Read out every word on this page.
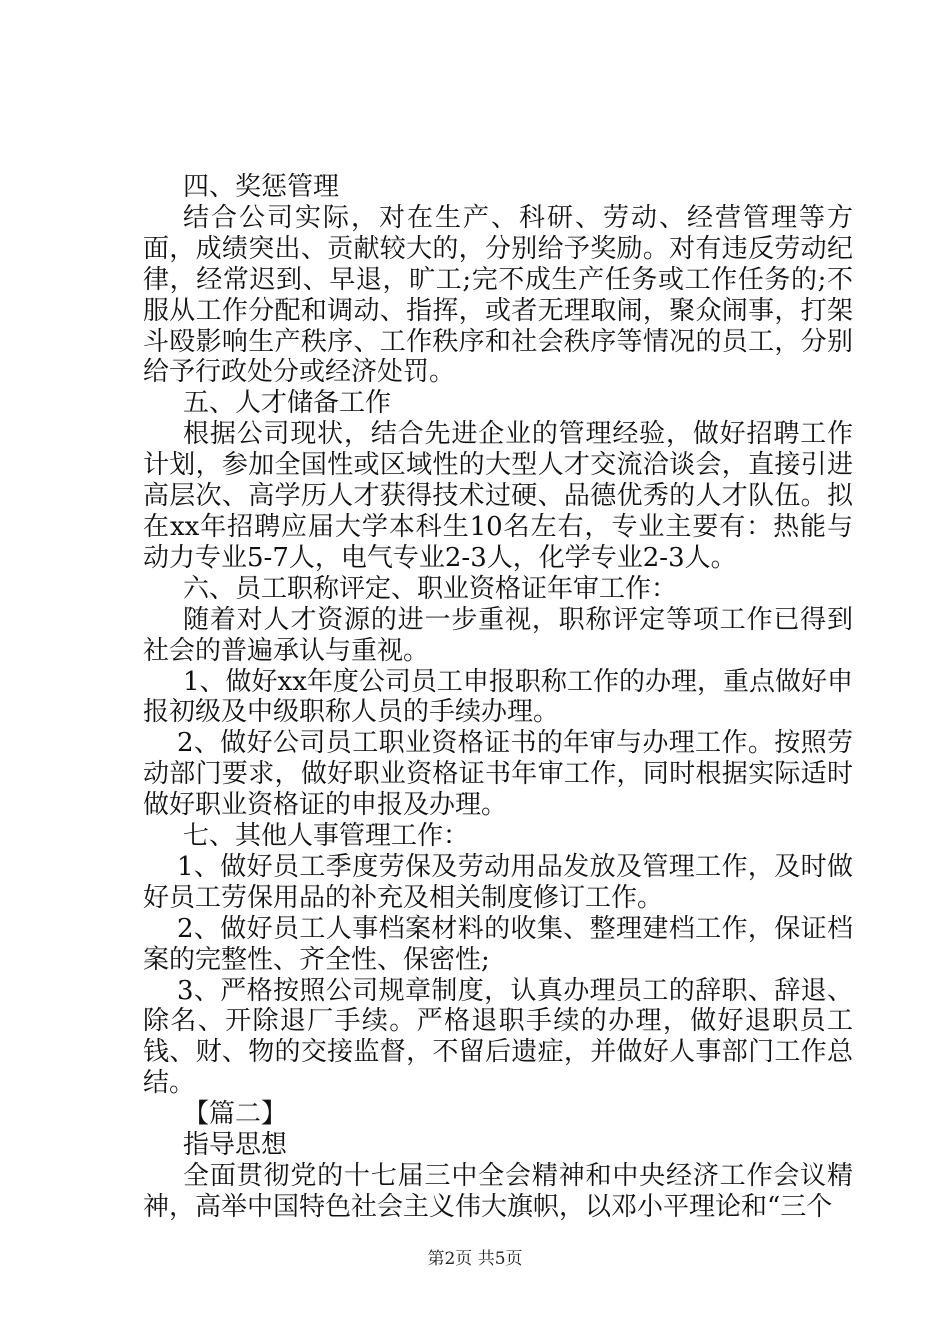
四、奖惩管理

结合公司实际，对在生产、科研、劳动、经营管理等方面，成绩突出、贡献较大的，分别给予奖励。对有违反劳动纪律，经常迟到、早退，旷工;完不成生产任务或工作任务的;不服从工作分配和调动、指挥，或者无理取闹，聚众闹事，打架斗殴影响生产秩序、工作秩序和社会秩序等情况的员工，分别给予行政处分或经济处罚。

五、人才储备工作

根据公司现状，结合先进企业的管理经验，做好招聘工作计划，参加全国性或区域性的大型人才交流洽谈会，直接引进高层次、高学历人才获得技术过硬、品德优秀的人才队伍。拟在xx年招聘应届大学本科生10名左右，专业主要有：热能与动力专业5-7人，电气专业2-3人，化学专业2-3人。

六、员工职称评定、职业资格证年审工作：

随着对人才资源的进一步重视，职称评定等项工作已得到社会的普遍承认与重视。

1、做好xx年度公司员工申报职称工作的办理，重点做好申报初级及中级职称人员的手续办理。

2、做好公司员工职业资格证书的年审与办理工作。按照劳动部门要求，做好职业资格证书年审工作，同时根据实际适时做好职业资格证的申报及办理。

七、其他人事管理工作：

1、做好员工季度劳保及劳动用品发放及管理工作，及时做好员工劳保用品的补充及相关制度修订工作。

2、做好员工人事档案材料的收集、整理建档工作，保证档案的完整性、齐全性、保密性;

3、严格按照公司规章制度，认真办理员工的辞职、辞退、除名、开除退厂手续。严格退职手续的办理，做好退职员工钱、财、物的交接监督，不留后遗症，并做好人事部门工作总结。

【篇二】

指导思想

全面贯彻党的十七届三中全会精神和中央经济工作会议精神，高举中国特色社会主义伟大旗帜，以邓小平理论和“三个

第2页 共5页
